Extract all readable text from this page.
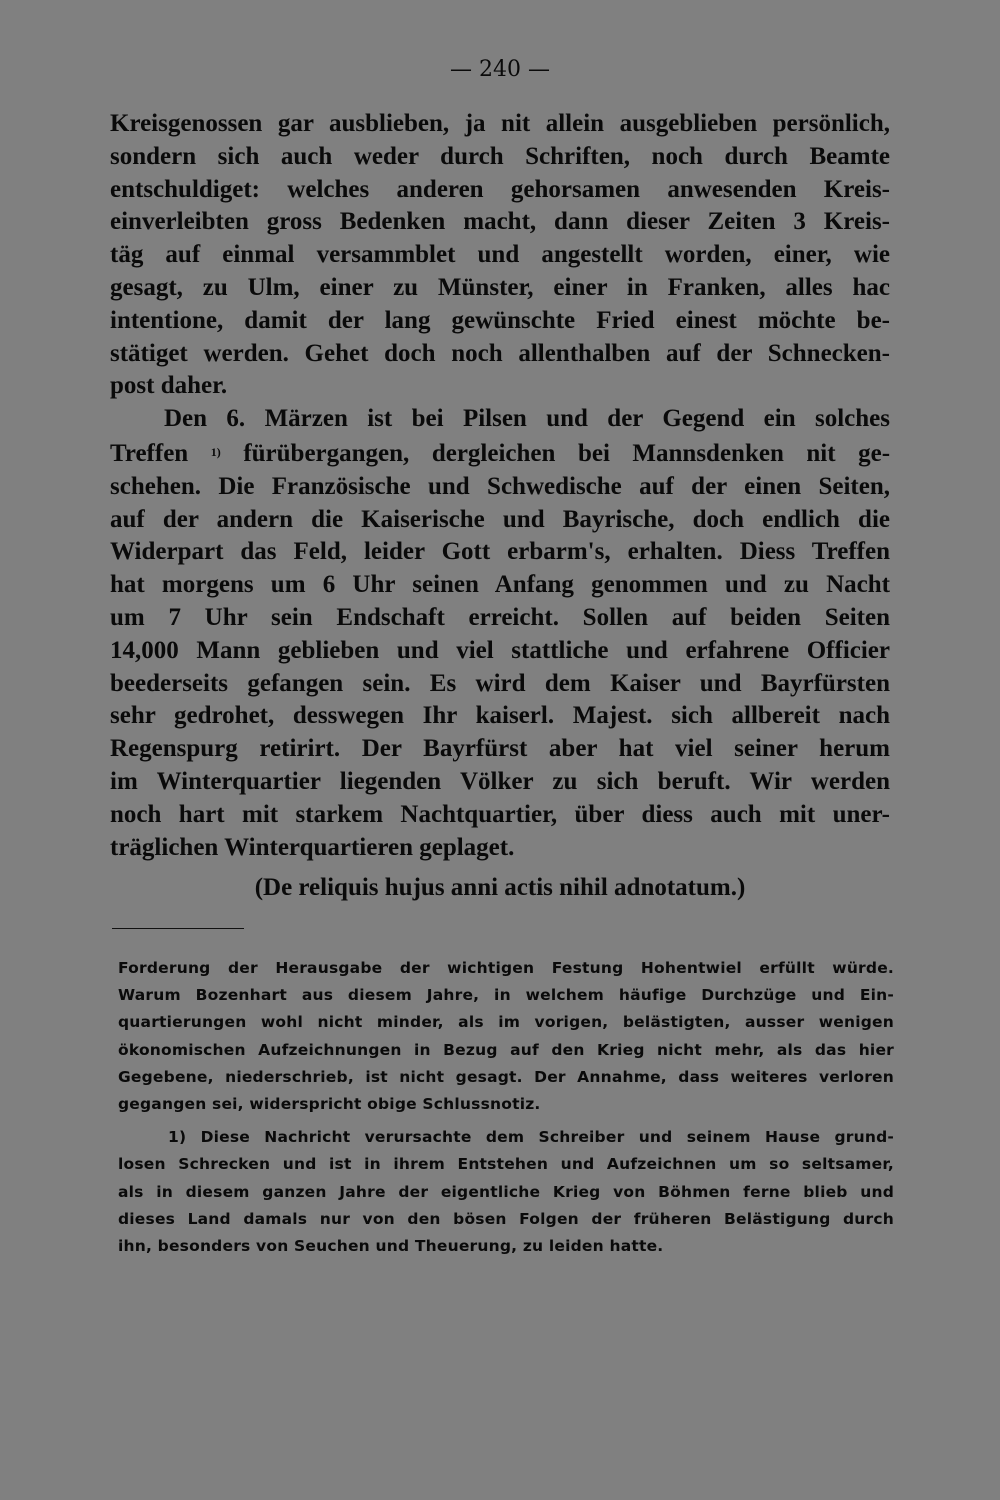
— 240 —
Kreisgenossen gar ausblieben, ja nit allein ausgeblieben persönlich,
sondern sich auch weder durch Schriften, noch durch Beamte
entschuldiget: welches anderen gehorsamen anwesenden Kreis-
einverleibten gross Bedenken macht, dann dieser Zeiten 3 Kreis-
täg auf einmal versammblet und angestellt worden, einer, wie
gesagt, zu Ulm, einer zu Münster, einer in Franken, alles hac
intentione, damit der lang gewünschte Fried einest möchte be-
stätiget werden. Gehet doch noch allenthalben auf der Schnecken-
post daher.
Den 6. Märzen ist bei Pilsen und der Gegend ein solches
Treffen $^{1)}$ fürübergangen, dergleichen bei Mannsdenken nit ge-
schehen. Die Französische und Schwedische auf der einen Seiten,
auf der andern die Kaiserische und Bayrische, doch endlich die
Widerpart das Feld, leider Gott erbarm's, erhalten. Diess Treffen
hat morgens um 6 Uhr seinen Anfang genommen und zu Nacht
um 7 Uhr sein Endschaft erreicht. Sollen auf beiden Seiten
14,000 Mann geblieben und viel stattliche und erfahrene Officier
beederseits gefangen sein. Es wird dem Kaiser und Bayrfürsten
sehr gedrohet, desswegen Ihr kaiserl. Majest. sich allbereit nach
Regenspurg retirirt. Der Bayrfürst aber hat viel seiner herum
im Winterquartier liegenden Völker zu sich beruft. Wir werden
noch hart mit starkem Nachtquartier, über diess auch mit uner-
träglichen Winterquartieren geplaget.

(De reliquis hujus anni actis nihil adnotatum.)

Forderung der Herausgabe der wichtigen Festung Hohentwiel erfüllt würde.
Warum Bozenhart aus diesem Jahre, in welchem häufige Durchzüge und Ein-
quartierungen wohl nicht minder, als im vorigen, belästigten, ausser wenigen
ökonomischen Aufzeichnungen in Bezug auf den Krieg nicht mehr, als das hier
Gegebene, niederschrieb, ist nicht gesagt. Der Annahme, dass weiteres verloren
gegangen sei, widerspricht obige Schlussnotiz.
1) Diese Nachricht verursachte dem Schreiber und seinem Hause grund-
losen Schrecken und ist in ihrem Entstehen und Aufzeichnen um so seltsamer,
als in diesem ganzen Jahre der eigentliche Krieg von Böhmen ferne blieb und
dieses Land damals nur von den bösen Folgen der früheren Belästigung durch
ihn, besonders von Seuchen und Theuerung, zu leiden hatte.
